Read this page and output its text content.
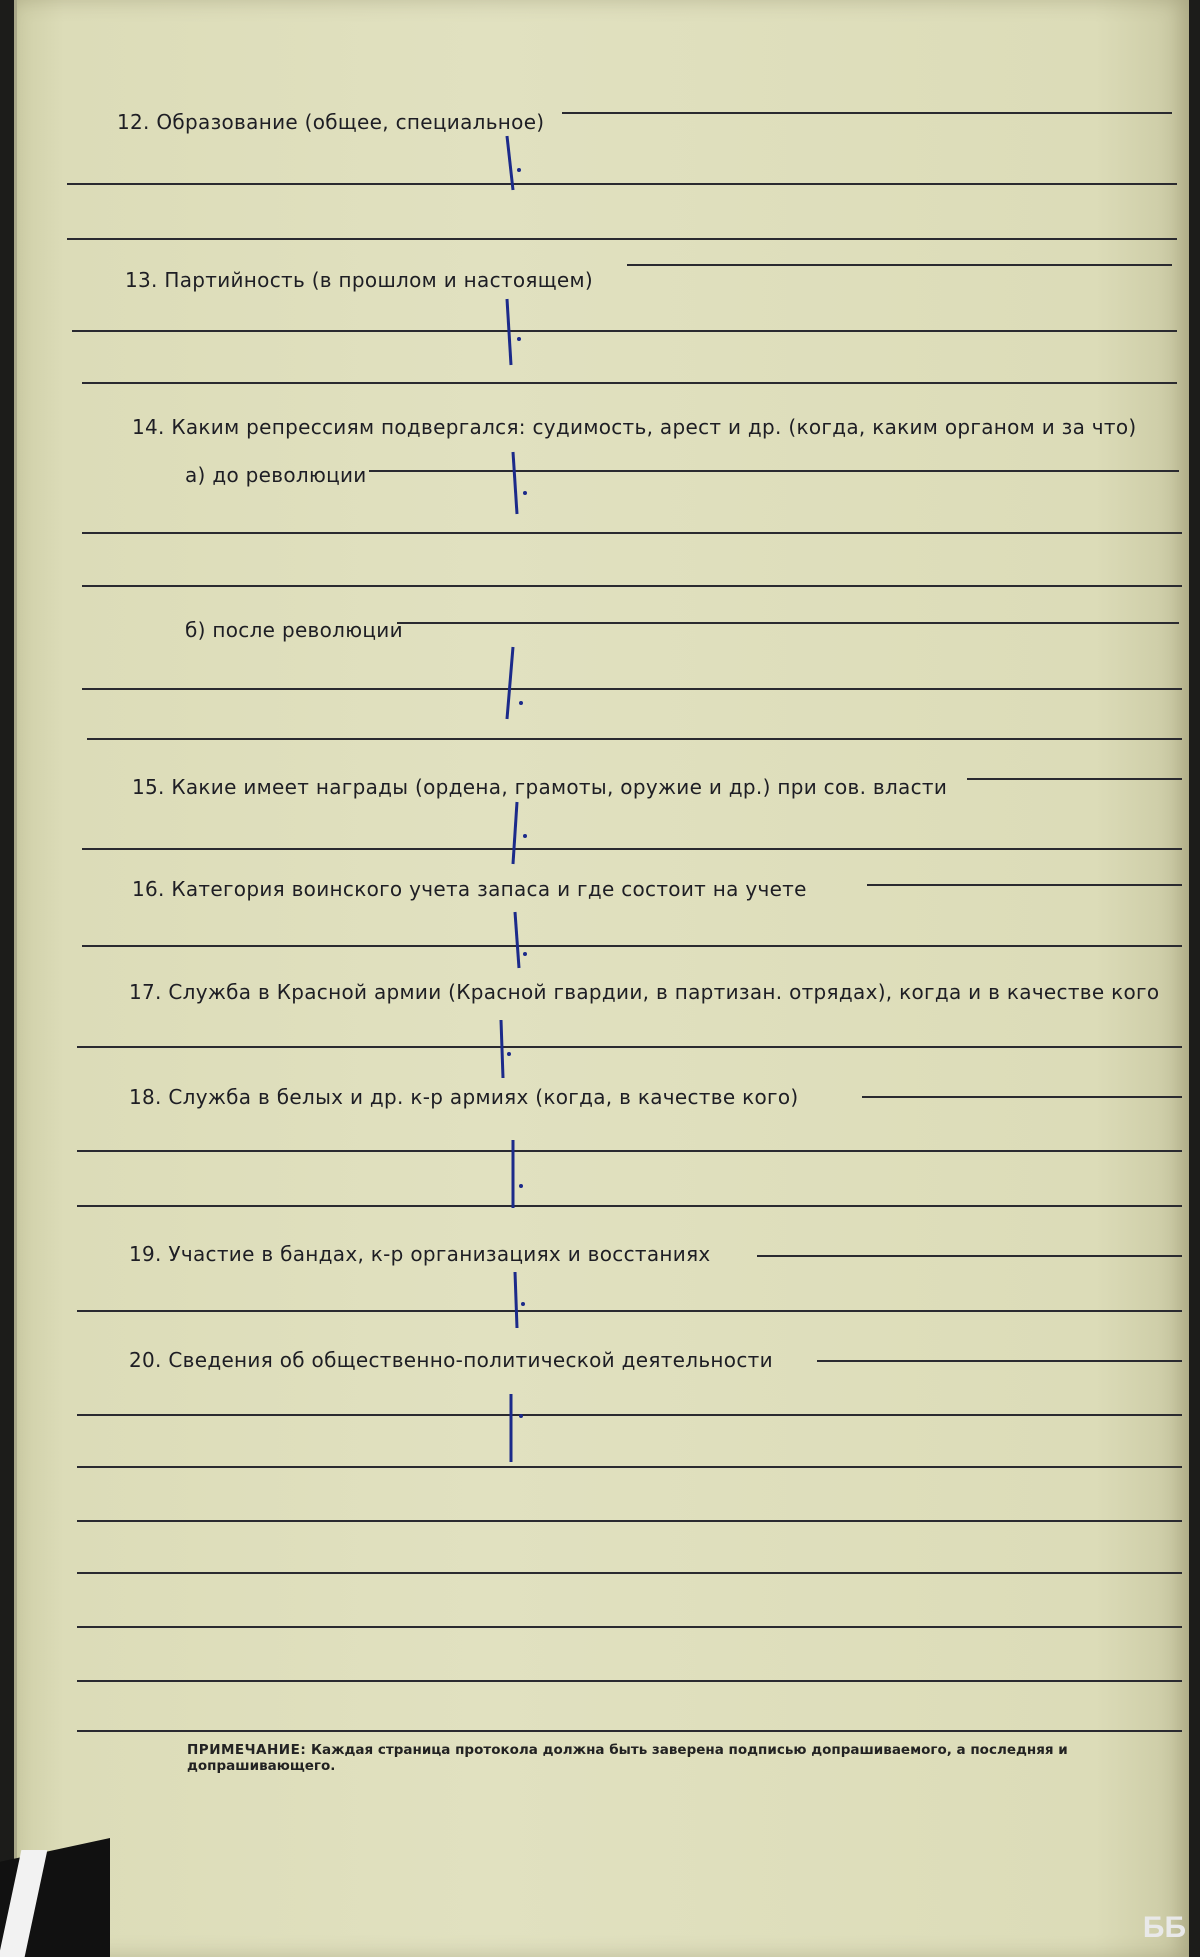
12. Образование (общее, специальное)
13. Партийность (в прошлом и настоящем)
14. Каким репрессиям подвергался: судимость, арест и др. (когда, каким органом и за что)
а) до революции
б) после революции
15. Какие имеет награды (ордена, грамоты, оружие и др.) при сов. власти
16. Категория воинского учета запаса и где состоит на учете
17. Служба в Красной армии (Красной гвардии, в партизан. отрядах), когда и в качестве кого
18. Служба в белых и др. к-р армиях (когда, в качестве кого)
19. Участие в бандах, к-р организациях и восстаниях
20. Сведения об общественно-политической деятельности
ПРИМЕЧАНИЕ: Каждая страница протокола должна быть заверена подписью допрашиваемого, а последняя и допрашивающего.
ББ
